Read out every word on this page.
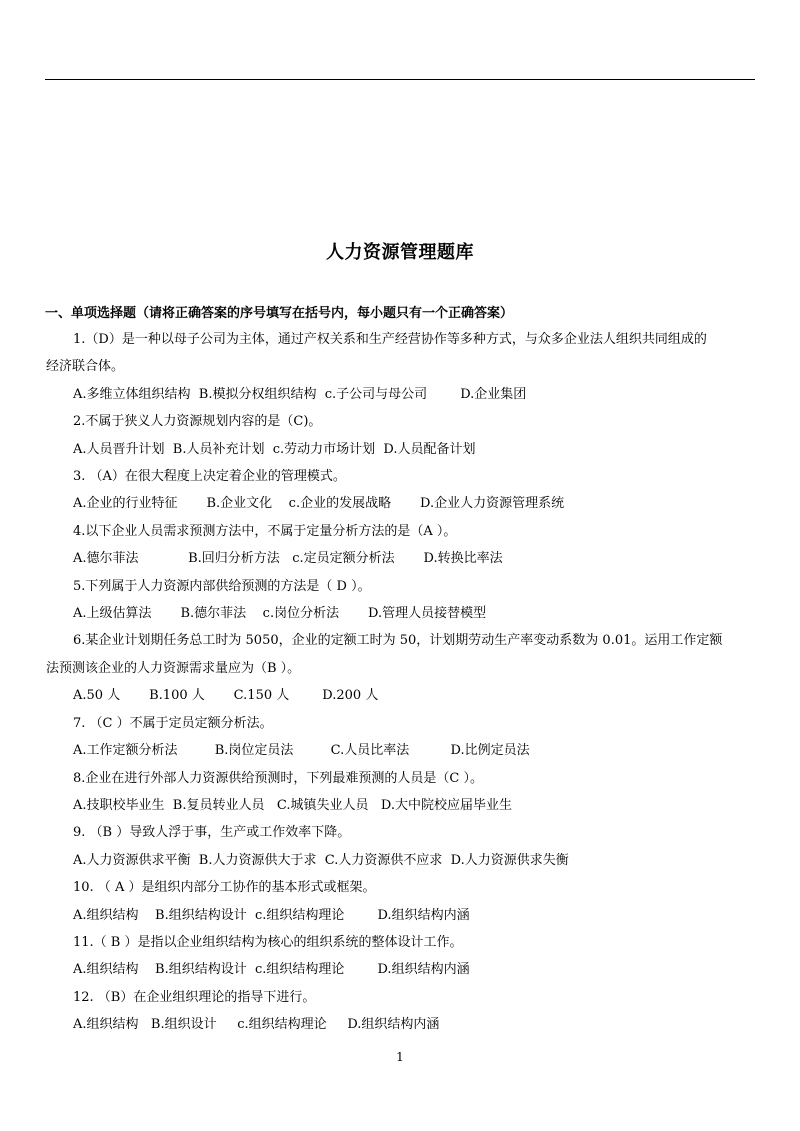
人力资源管理题库
一、单项选择题（请将正确答案的序号填写在括号内，每小题只有一个正确答案）
1.（D）是一种以母子公司为主体，通过产权关系和生产经营协作等多种方式，与众多企业法人组织共同组成的
经济联合体。
A.多维立体组织结构  B.模拟分权组织结构  c.子公司与母公司        D.企业集团
2.不属于狭义人力资源规划内容的是（C)。
A.人员晋升计划  B.人员补充计划  c.劳动力市场计划  D.人员配备计划
3. （A）在很大程度上决定着企业的管理模式。
A.企业的行业特征       B.企业文化    c.企业的发展战略       D.企业人力资源管理系统
4.以下企业人员需求预测方法中，不属于定量分析方法的是（A ）。
A.德尔菲法            B.回归分析方法   c.定员定额分析法       D.转换比率法
5.下列属于人力资源内部供给预测的方法是（ D ）。
A.上级估算法       B.德尔菲法    c.岗位分析法       D.管理人员接替模型
6.某企业计划期任务总工时为 5050，企业的定额工时为 50，计划期劳动生产率变动系数为 0.01。运用工作定额
法预测该企业的人力资源需求量应为（B ）。
A.50 人       B.100 人       C.150 人        D.200 人
7. （C ）不属于定员定额分析法。
A.工作定额分析法         B.岗位定员法         C.人员比率法          D.比例定员法
8.企业在进行外部人力资源供给预测时，下列最难预测的人员是（C ）。
A.技职校毕业生  B.复员转业人员   C.城镇失业人员   D.大中院校应届毕业生
9. （B ）导致人浮于事，生产或工作效率下降。
A.人力资源供求平衡  B.人力资源供大于求  C.人力资源供不应求  D.人力资源供求失衡
10. （ A ）是组织内部分工协作的基本形式或框架。
A.组织结构    B.组织结构设计  c.组织结构理论        D.组织结构内涵
11.（ B ）是指以企业组织结构为核心的组织系统的整体设计工作。
A.组织结构    B.组织结构设计  c.组织结构理论        D.组织结构内涵
12. （B）在企业组织理论的指导下进行。
A.组织结构   B.组织设计     c.组织结构理论     D.组织结构内涵
1
